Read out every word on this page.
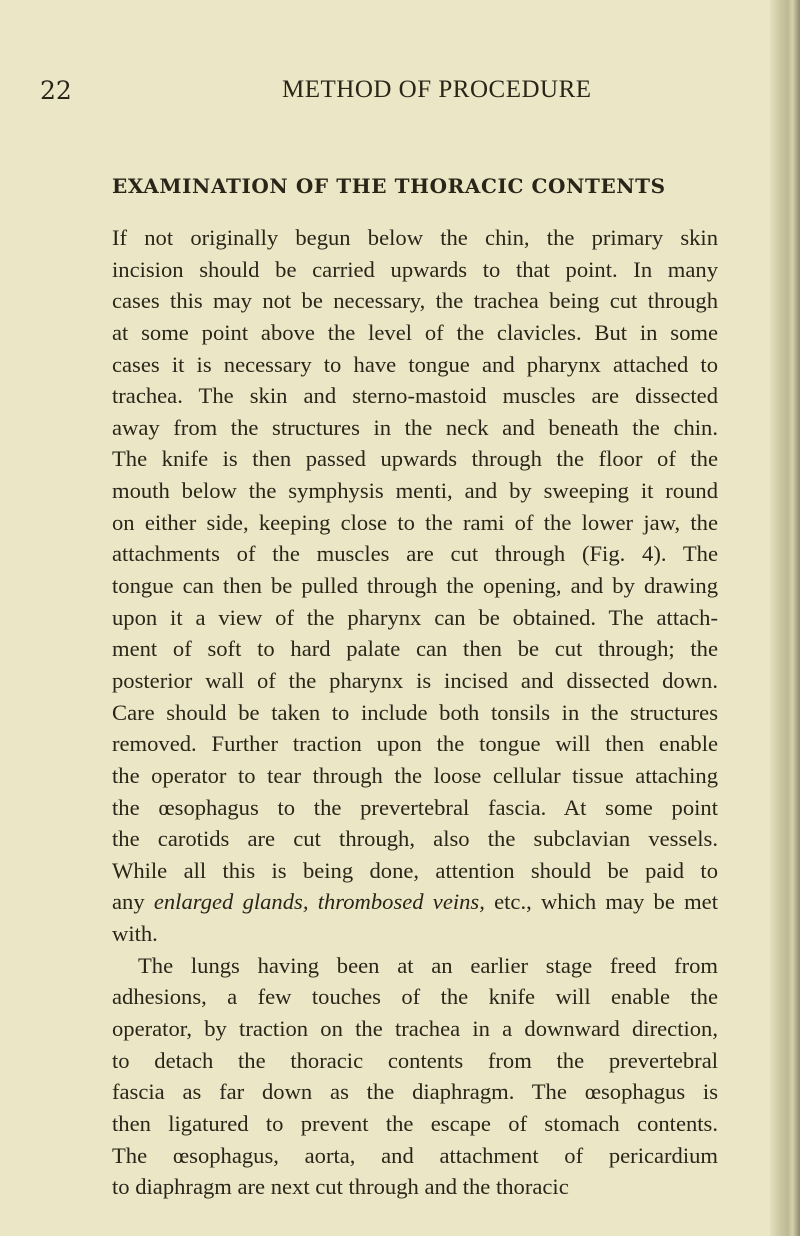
22	METHOD OF PROCEDURE
EXAMINATION OF THE THORACIC CONTENTS
If not originally begun below the chin, the primary skin
incision should be carried upwards to that point. In many
cases this may not be necessary, the trachea being cut through
at some point above the level of the clavicles. But in some
cases it is necessary to have tongue and pharynx attached to
trachea. The skin and sterno-mastoid muscles are dissected
away from the structures in the neck and beneath the chin.
The knife is then passed upwards through the floor of the
mouth below the symphysis menti, and by sweeping it round
on either side, keeping close to the rami of the lower jaw, the
attachments of the muscles are cut through (Fig. 4). The
tongue can then be pulled through the opening, and by drawing
upon it a view of the pharynx can be obtained. The attach-
ment of soft to hard palate can then be cut through; the
posterior wall of the pharynx is incised and dissected down.
Care should be taken to include both tonsils in the structures
removed. Further traction upon the tongue will then enable
the operator to tear through the loose cellular tissue attaching
the œsophagus to the prevertebral fascia. At some point
the carotids are cut through, also the subclavian vessels.
While all this is being done, attention should be paid to
any enlarged glands, thrombosed veins, etc., which may be met
with.
The lungs having been at an earlier stage freed from
adhesions, a few touches of the knife will enable the
operator, by traction on the trachea in a downward direction,
to detach the thoracic contents from the prevertebral
fascia as far down as the diaphragm. The œsophagus is
then ligatured to prevent the escape of stomach contents.
The œsophagus, aorta, and attachment of pericardium
to diaphragm are next cut through and the thoracic
